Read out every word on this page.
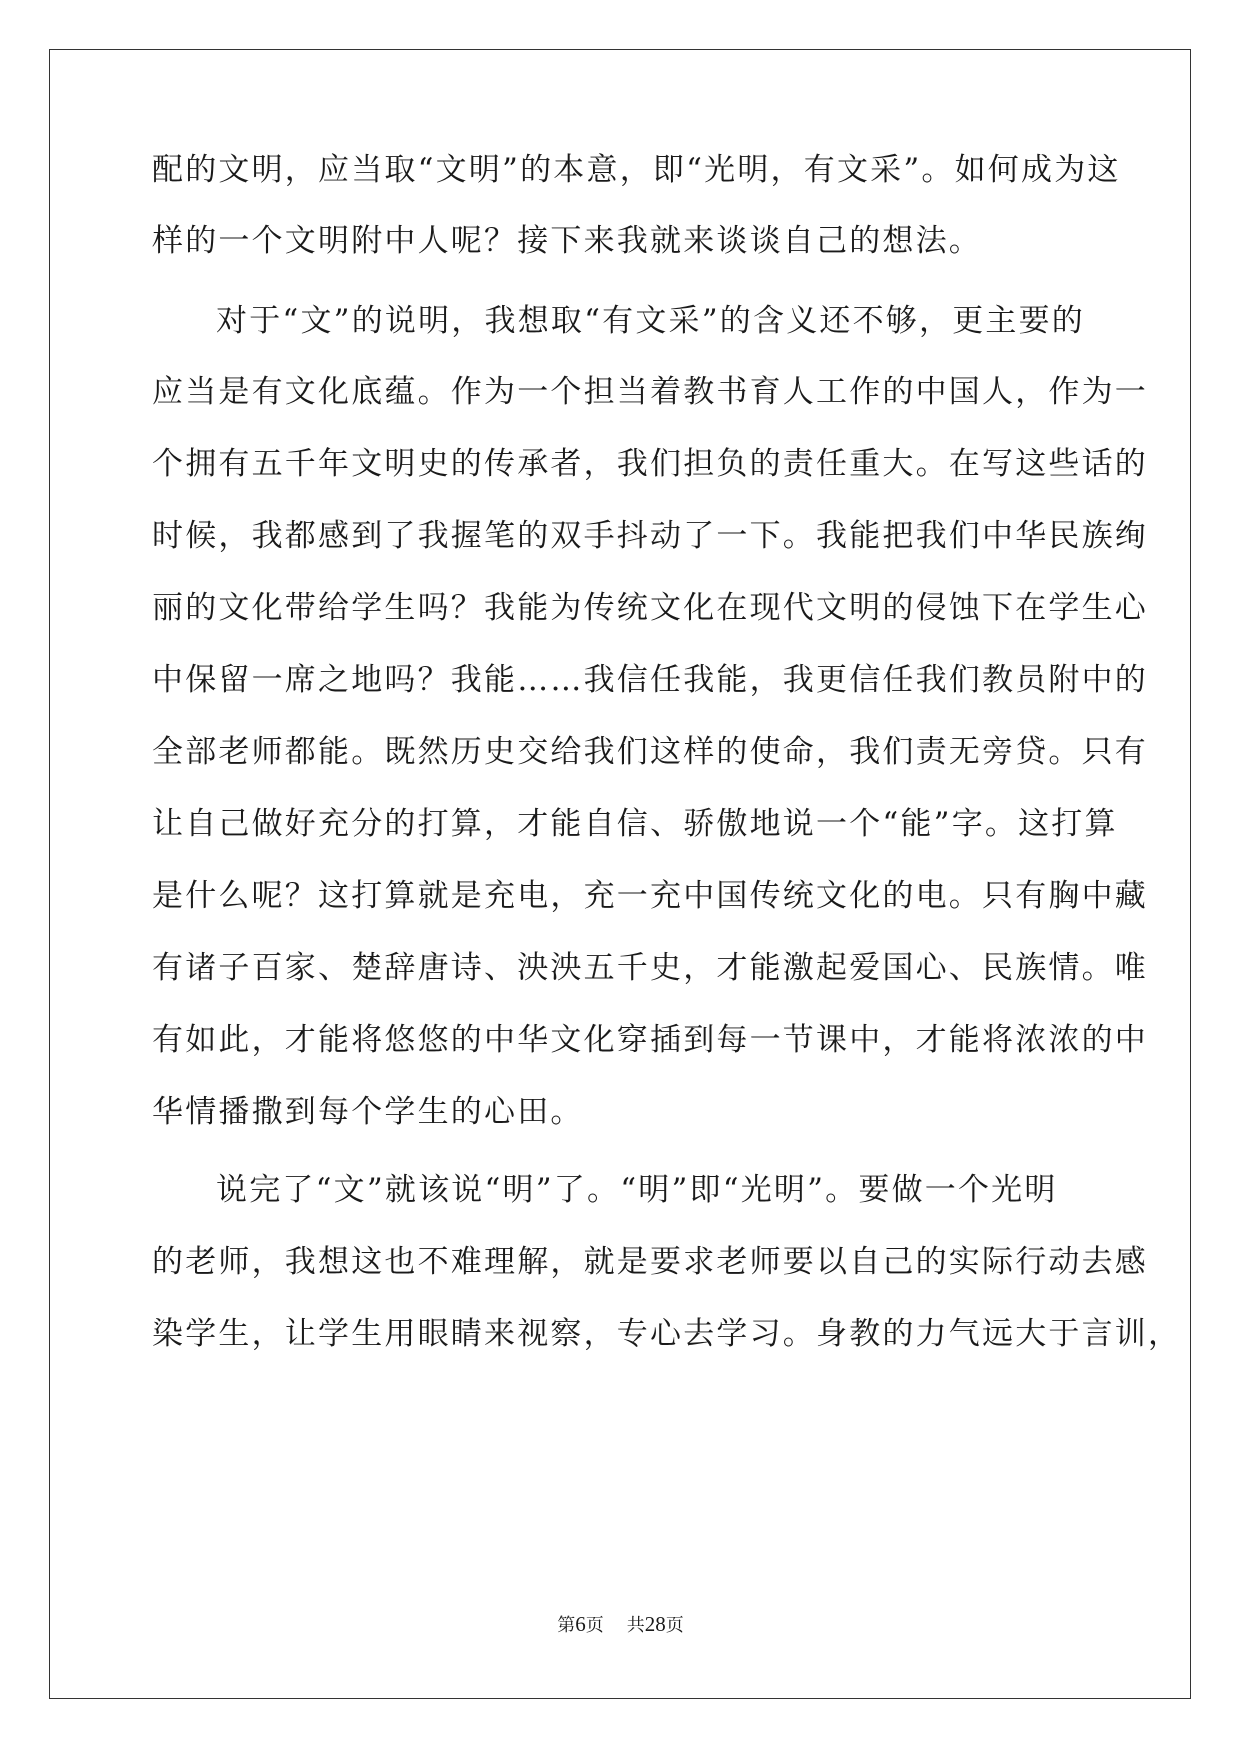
配的文明，应当取“文明”的本意，即“光明，有文采”。如何成为这
样的一个文明附中人呢？接下来我就来谈谈自己的想法。
对于“文”的说明，我想取“有文采”的含义还不够，更主要的
应当是有文化底蕴。作为一个担当着教书育人工作的中国人，作为一
个拥有五千年文明史的传承者，我们担负的责任重大。在写这些话的
时候，我都感到了我握笔的双手抖动了一下。我能把我们中华民族绚
丽的文化带给学生吗？我能为传统文化在现代文明的侵蚀下在学生心
中保留一席之地吗？我能……我信任我能，我更信任我们教员附中的
全部老师都能。既然历史交给我们这样的使命，我们责无旁贷。只有
让自己做好充分的打算，才能自信、骄傲地说一个“能”字。这打算
是什么呢？这打算就是充电，充一充中国传统文化的电。只有胸中藏
有诸子百家、楚辞唐诗、泱泱五千史，才能激起爱国心、民族情。唯
有如此，才能将悠悠的中华文化穿插到每一节课中，才能将浓浓的中
华情播撒到每个学生的心田。
说完了“文”就该说“明”了。“明”即“光明”。要做一个光明
的老师，我想这也不难理解，就是要求老师要以自己的实际行动去感
染学生，让学生用眼睛来视察，专心去学习。身教的力气远大于言训，
第6页 共28页
